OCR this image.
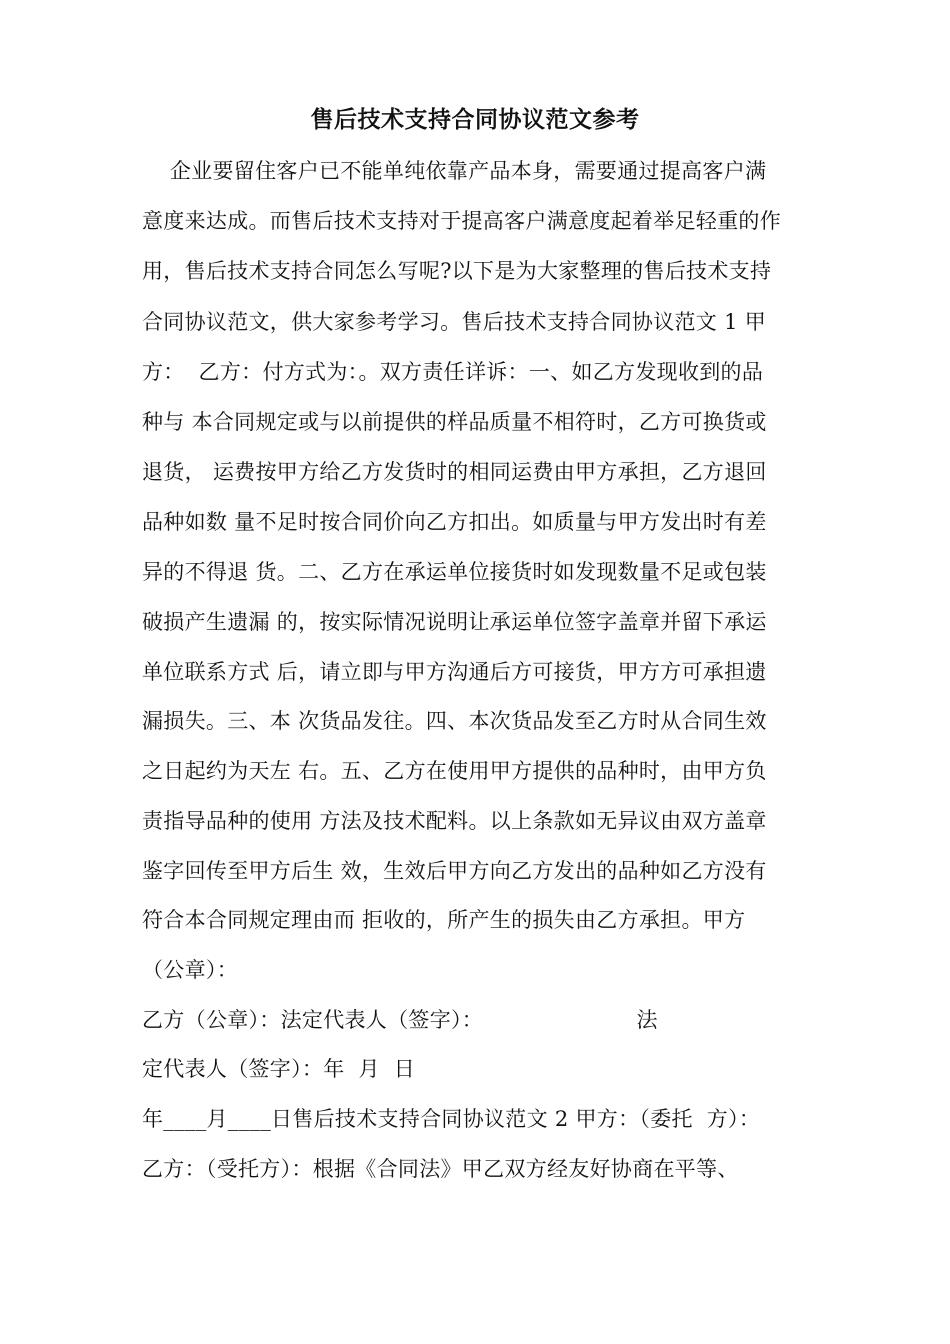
售后技术支持合同协议范文参考
企业要留住客户已不能单纯依靠产品本身，需要通过提高客户满
意度来达成。而售后技术支持对于提高客户满意度起着举足轻重的作
用，售后技术支持合同怎么写呢?以下是为大家整理的售后技术支持
合同协议范文，供大家参考学习。售后技术支持合同协议范文 1 甲
方：  乙方：付方式为：。双方责任详诉：一、如乙方发现收到的品
种与 本合同规定或与以前提供的样品质量不相符时，乙方可换货或
退货， 运费按甲方给乙方发货时的相同运费由甲方承担，乙方退回
品种如数 量不足时按合同价向乙方扣出。如质量与甲方发出时有差
异的不得退 货。二、乙方在承运单位接货时如发现数量不足或包装
破损产生遗漏 的，按实际情况说明让承运单位签字盖章并留下承运
单位联系方式 后，请立即与甲方沟通后方可接货，甲方方可承担遗
漏损失。三、本 次货品发往。四、本次货品发至乙方时从合同生效
之日起约为天左 右。五、乙方在使用甲方提供的品种时，由甲方负
责指导品种的使用 方法及技术配料。以上条款如无异议由双方盖章
鉴字回传至甲方后生 效，生效后甲方向乙方发出的品种如乙方没有
符合本合同规定理由而 拒收的，所产生的损失由乙方承担。甲方
（公章）：
乙方（公章）：法定代表人（签字）：                      法
定代表人（签字）：年  月  日
年____月____日售后技术支持合同协议范文 2 甲方：（委托  方）：
乙方：（受托方）：根据《合同法》甲乙双方经友好协商在平等、
